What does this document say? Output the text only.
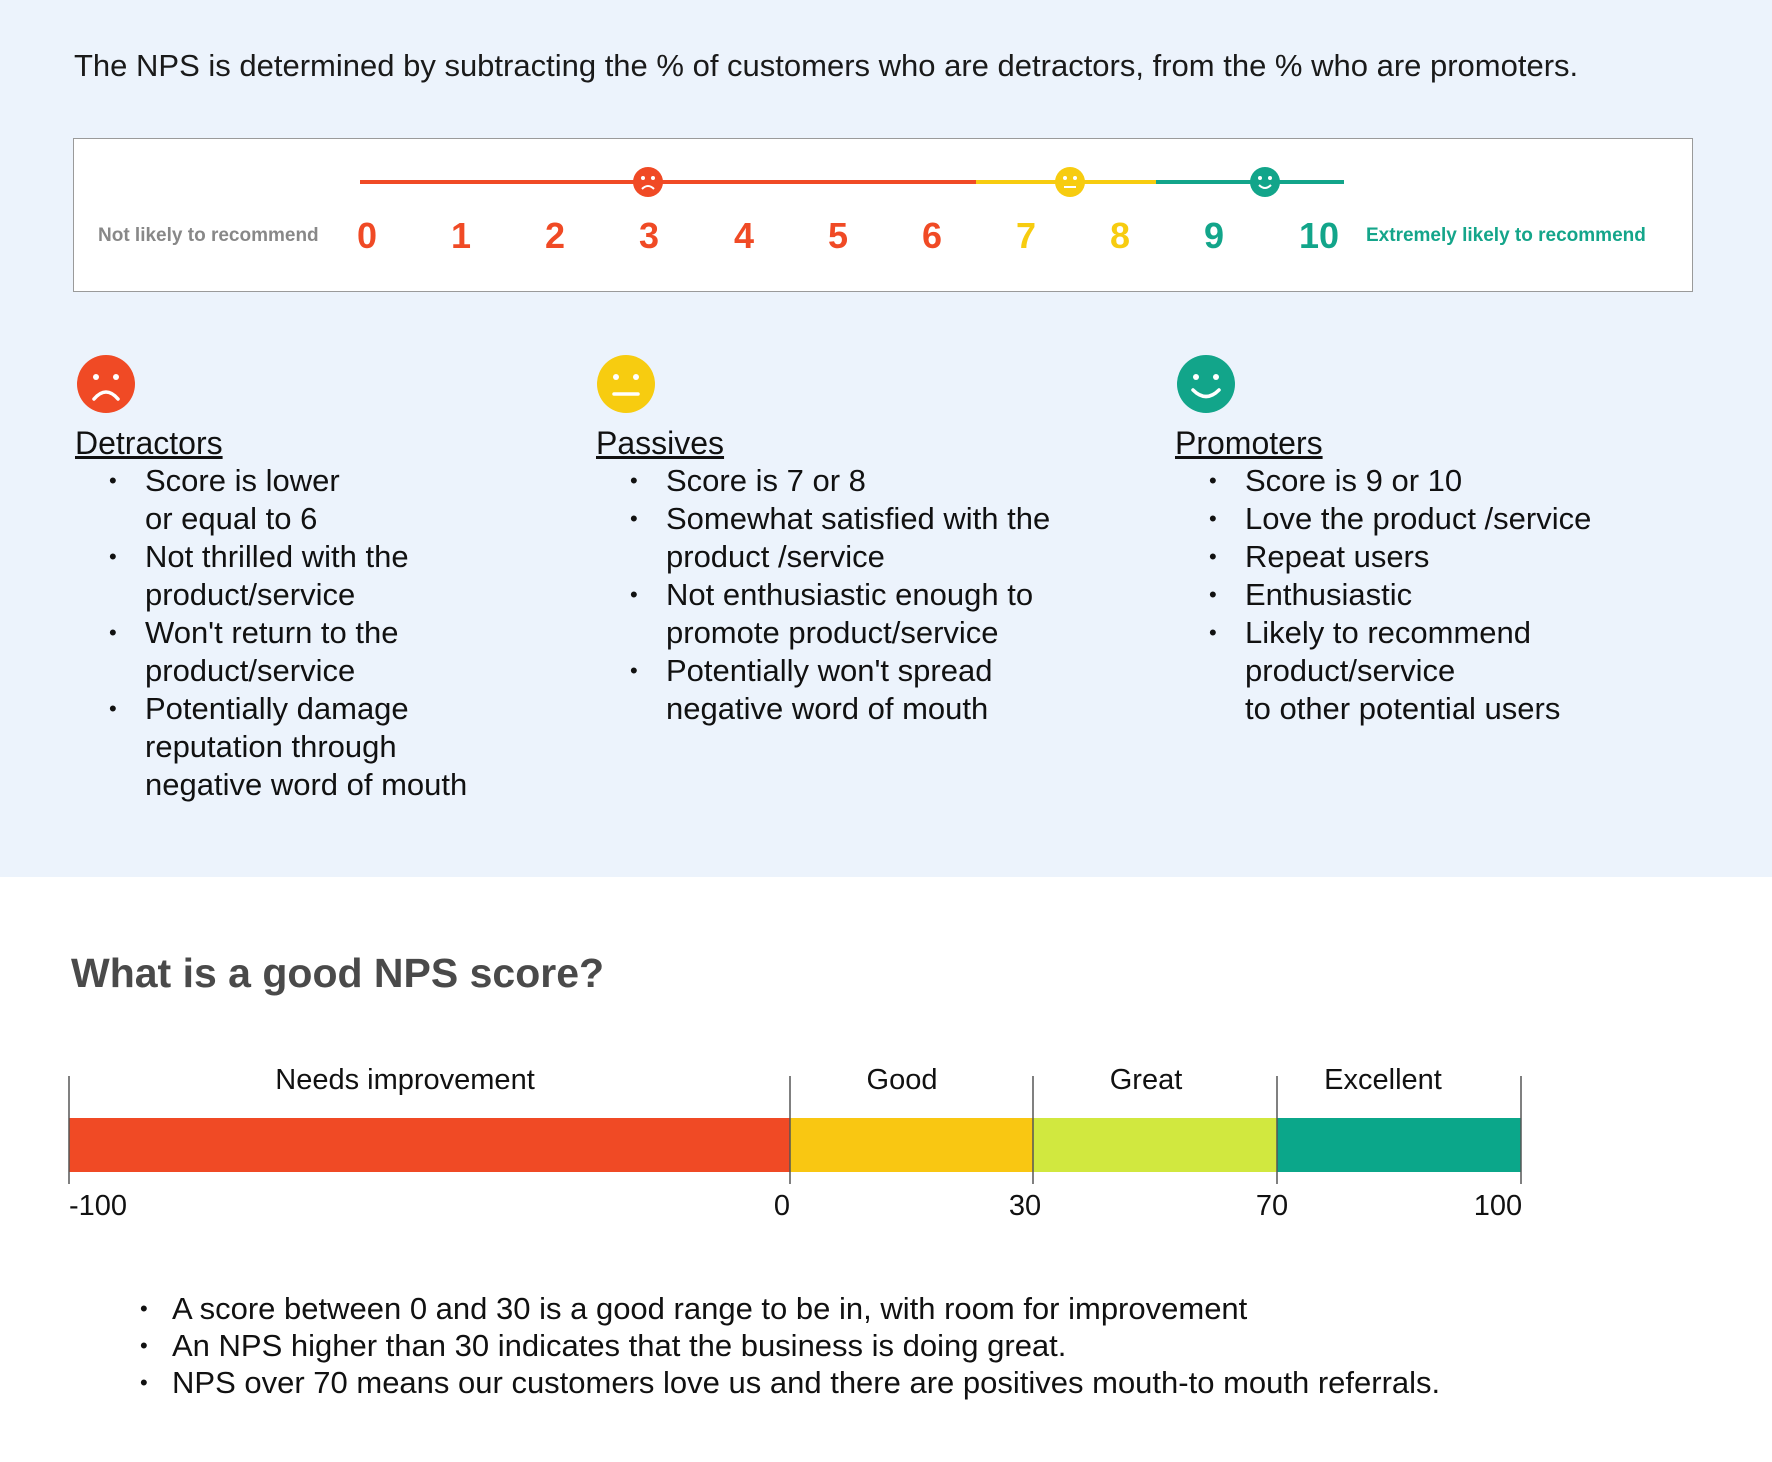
The NPS is determined by subtracting the % of customers who are detractors, from the % who are promoters.
Not likely to recommend 0 1 2 3 4 5 6 7 8 9 10 Extremely likely to recommend
Detractors
• Score is lower
or equal to 6
• Not thrilled with the
product/service
• Won't return to the
product/service
• Potentially damage
reputation through
negative word of mouth
Passives
• Score is 7 or 8
• Somewhat satisfied with the
product /service
• Not enthusiastic enough to
promote product/service
• Potentially won't spread
negative word of mouth
Promoters
• Score is 9 or 10
• Love the product /service
• Repeat users
• Enthusiastic
• Likely to recommend
product/service
to other potential users
What is a good NPS score?
Needs improvement	Good	Great	Excellent
-100	0	30	70	100
• A score between 0 and 30 is a good range to be in, with room for improvement
• An NPS higher than 30 indicates that the business is doing great.
• NPS over 70 means our customers love us and there are positives mouth-to mouth referrals.
